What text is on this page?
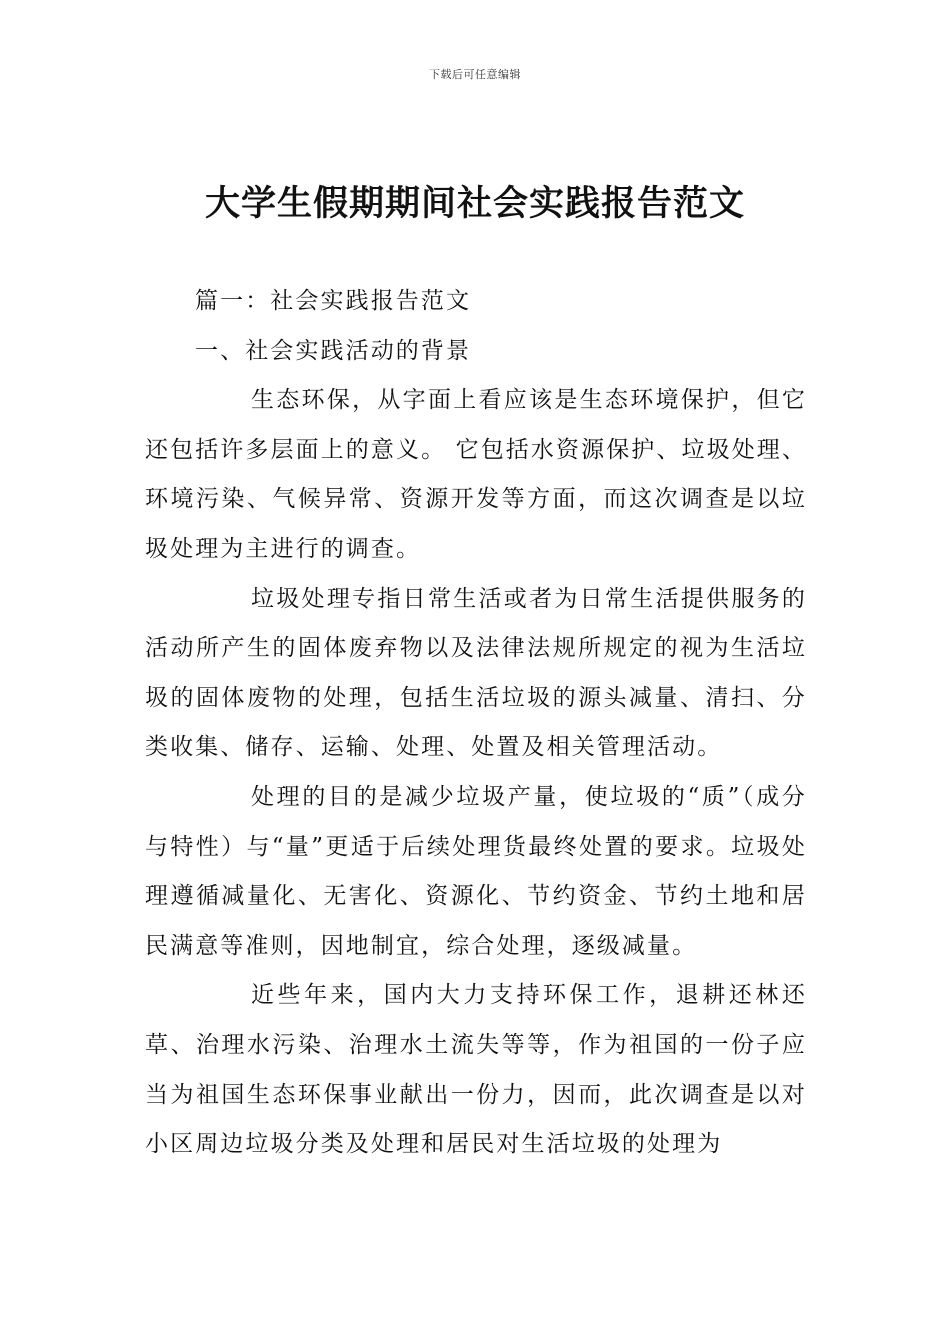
下载后可任意编辑
大学生假期期间社会实践报告范文

篇一：社会实践报告范文

一、社会实践活动的背景

生态环保，从字面上看应该是生态环境保护，但它还包括许多层面上的意义。 它包括水资源保护、垃圾处理、环境污染、气候异常、资源开发等方面，而这次调查是以垃圾处理为主进行的调查。

垃圾处理专指日常生活或者为日常生活提供服务的活动所产生的固体废弃物以及法律法规所规定的视为生活垃圾的固体废物的处理，包括生活垃圾的源头减量、清扫、分类收集、储存、运输、处理、处置及相关管理活动。

处理的目的是减少垃圾产量，使垃圾的“质”（成分与特性）与“量”更适于后续处理货最终处置的要求。垃圾处理遵循减量化、无害化、资源化、节约资金、节约土地和居民满意等准则，因地制宜，综合处理，逐级减量。

近些年来，国内大力支持环保工作，退耕还林还草、治理水污染、治理水土流失等等，作为祖国的一份子应当为祖国生态环保事业献出一份力，因而，此次调查是以对小区周边垃圾分类及处理和居民对生活垃圾的处理为
